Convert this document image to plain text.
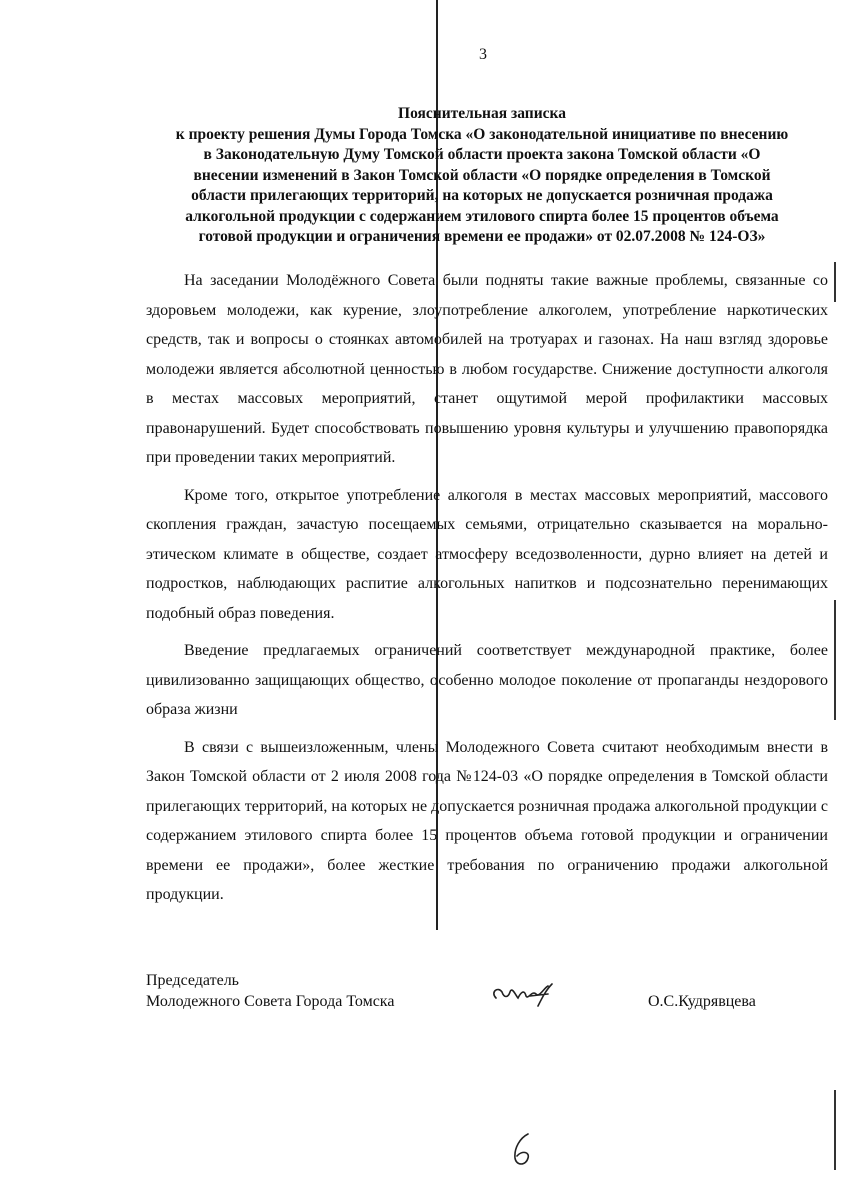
3
Пояснительная записка
к проекту решения Думы Города Томска «О законодательной инициативе по внесению
в Законодательную Думу Томской области проекта закона Томской области «О
внесении изменений в Закон Томской области «О порядке определения в Томской
области прилегающих территорий, на которых не допускается розничная продажа
алкогольной продукции с содержанием этилового спирта более 15 процентов объема
готовой продукции и ограничения времени ее продажи» от 02.07.2008 № 124-ОЗ»

На заседании Молодёжного Совета были подняты такие важные проблемы, связанные со здоровьем молодежи, как курение, злоупотребление алкоголем, употребление наркотических средств, так и вопросы о стоянках автомобилей на тротуарах и газонах. На наш взгляд здоровье молодежи является абсолютной ценностью в любом государстве. Снижение доступности алкоголя в местах массовых мероприятий, станет ощутимой мерой профилактики массовых правонарушений. Будет способствовать повышению уровня культуры и улучшению правопорядка при проведении таких мероприятий.

Кроме того, открытое употребление алкоголя в местах массовых мероприятий, массового скопления граждан, зачастую посещаемых семьями, отрицательно сказывается на морально-этическом климате в обществе, создает атмосферу вседозволенности, дурно влияет на детей и подростков, наблюдающих распитие алкогольных напитков и подсознательно перенимающих подобный образ поведения.

Введение предлагаемых ограничений соответствует международной практике, более цивилизованно защищающих общество, особенно молодое поколение от пропаганды нездорового образа жизни

В связи с вышеизложенным, члены Молодежного Совета считают необходимым внести в Закон Томской области от 2 июля 2008 года №124-03 «О порядке определения в Томской области прилегающих территорий, на которых не допускается розничная продажа алкогольной продукции с содержанием этилового спирта более 15 процентов объема готовой продукции и ограничении времени ее продажи», более жесткие требования по ограничению продажи алкогольной продукции.

Председатель
Молодежного Совета Города Томска	О.С.Кудрявцева
